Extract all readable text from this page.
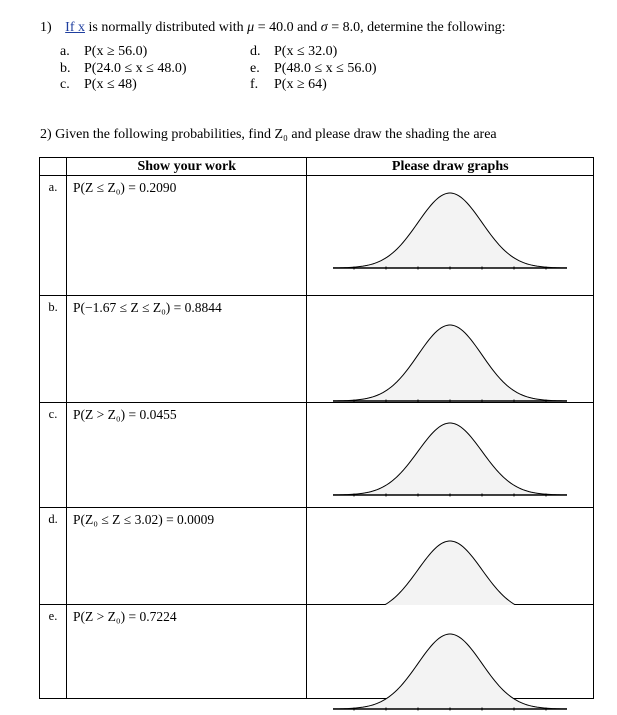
1) If x is normally distributed with μ = 40.0 and σ = 8.0, determine the following:
a. P(x ≥ 56.0)	d. P(x ≤ 32.0)
b. P(24.0 ≤ x ≤ 48.0)	e. P(48.0 ≤ x ≤ 56.0)
c. P(x ≤ 48)	f. P(x ≥ 64)
2) Given the following probabilities, find Z₀ and please draw the shading the area
	Show your work	Please draw graphs
a.	P(Z ≤ Z₀) = 0.2090	

b.	P(−1.67 ≤ Z ≤ Z₀) = 0.8844	

c.	P(Z > Z₀) = 0.0455	

d.	P(Z₀ ≤ Z ≤ 3.02) = 0.0009	

e.	P(Z > Z₀) = 0.7224	
